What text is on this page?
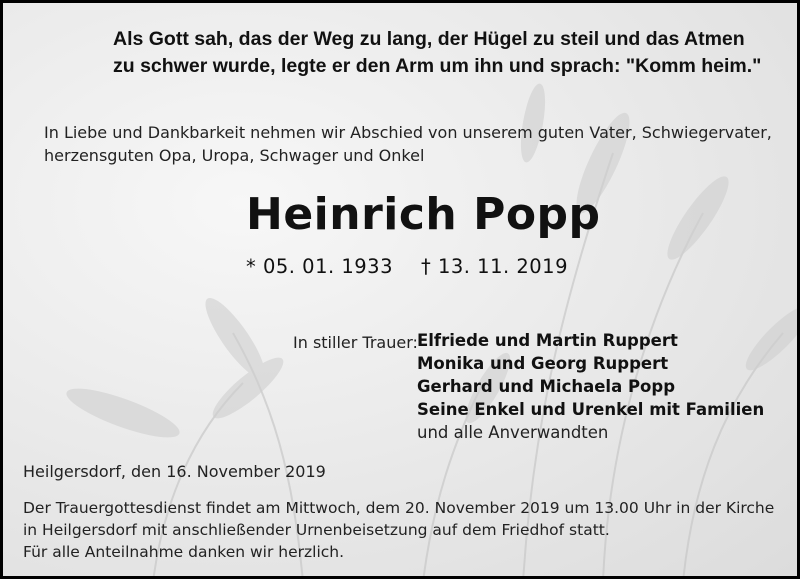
Als Gott sah, das der Weg zu lang, der Hügel zu steil und das Atmen
zu schwer wurde, legte er den Arm um ihn und sprach: "Komm heim."
In Liebe und Dankbarkeit nehmen wir Abschied von unserem guten Vater, Schwiegervater,
herzensguten Opa, Uropa, Schwager und Onkel
Heinrich Popp
* 05. 01. 1933 † 13. 11. 2019
In stiller Trauer: Elfriede und Martin Ruppert
Monika und Georg Ruppert
Gerhard und Michaela Popp
Seine Enkel und Urenkel mit Familien
und alle Anverwandten
Heilgersdorf, den 16. November 2019
Der Trauergottesdienst findet am Mittwoch, dem 20. November 2019 um 13.00 Uhr in der Kirche
in Heilgersdorf mit anschließender Urnenbeisetzung auf dem Friedhof statt.
Für alle Anteilnahme danken wir herzlich.
